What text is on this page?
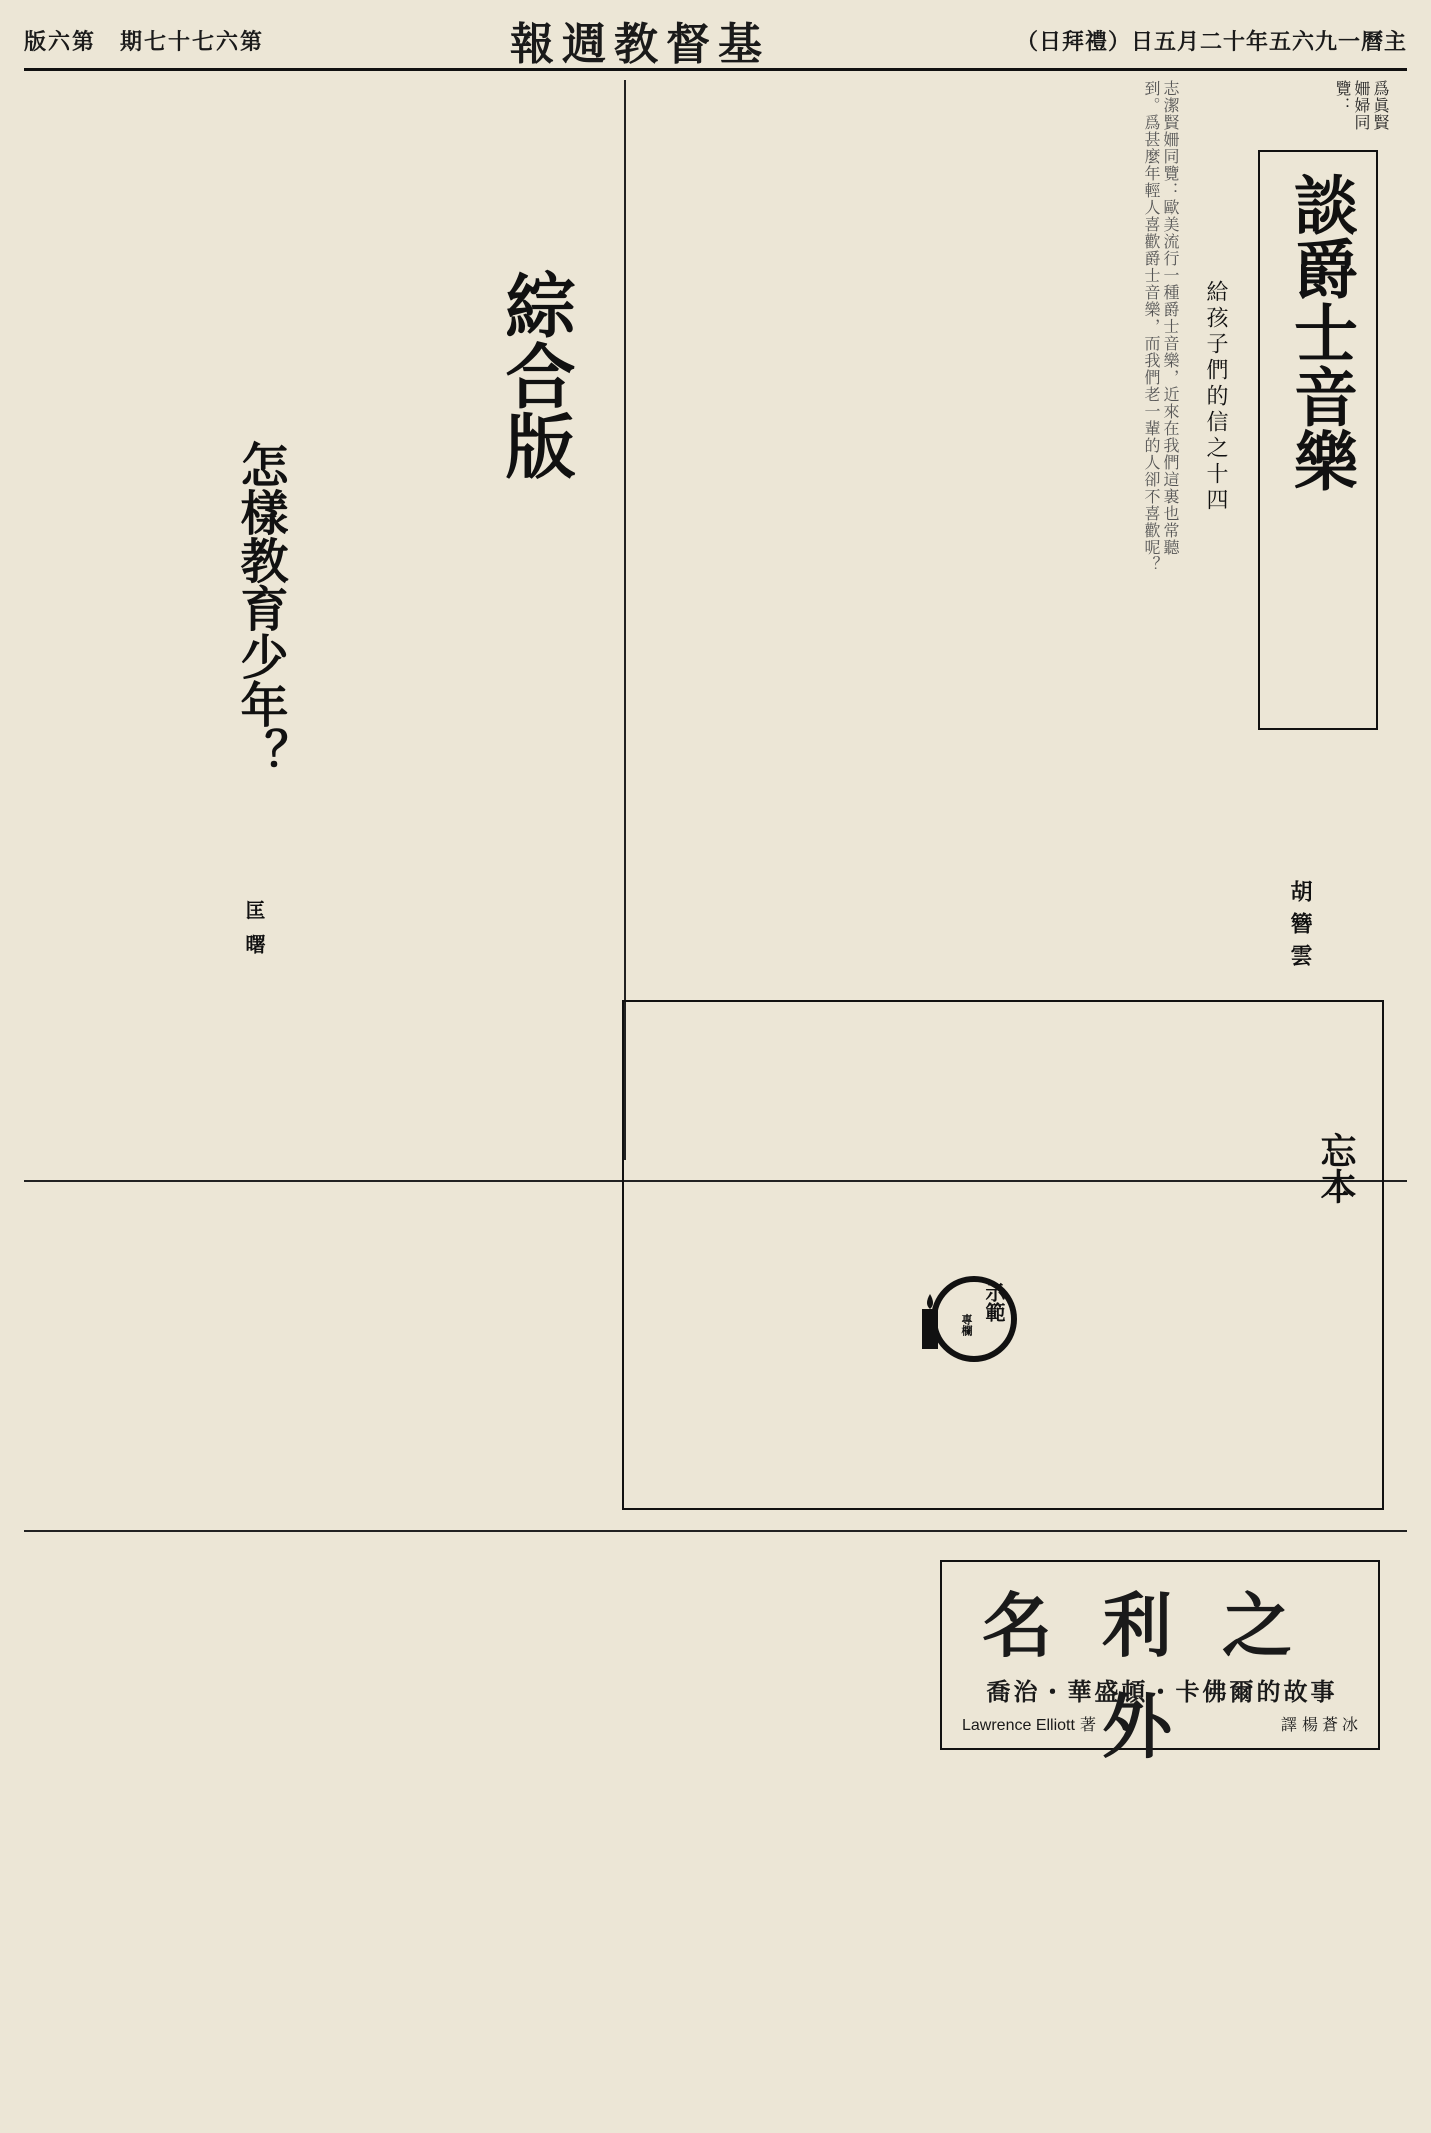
版六第　 期七十七六第	報週教督基	（日拜禮）日五月二十年五六九一曆主
談爵士音樂
給孩子們的信之十四
胡簪雲
爲眞賢姍婦同覽：
志潔賢姍同覽：歐美流行一種爵士音樂，近來在我們這裏也常聽到。爲甚麼年輕人喜歡爵士音樂，而我們老一輩的人卻不喜歡呢？
綜合版
怎樣教育少年？
匡曙
忘本
示範
專欄
名利之外
喬治・華盛頓・卡佛爾的故事
Lawrence Elliott 著	譯 楊蒼冰
